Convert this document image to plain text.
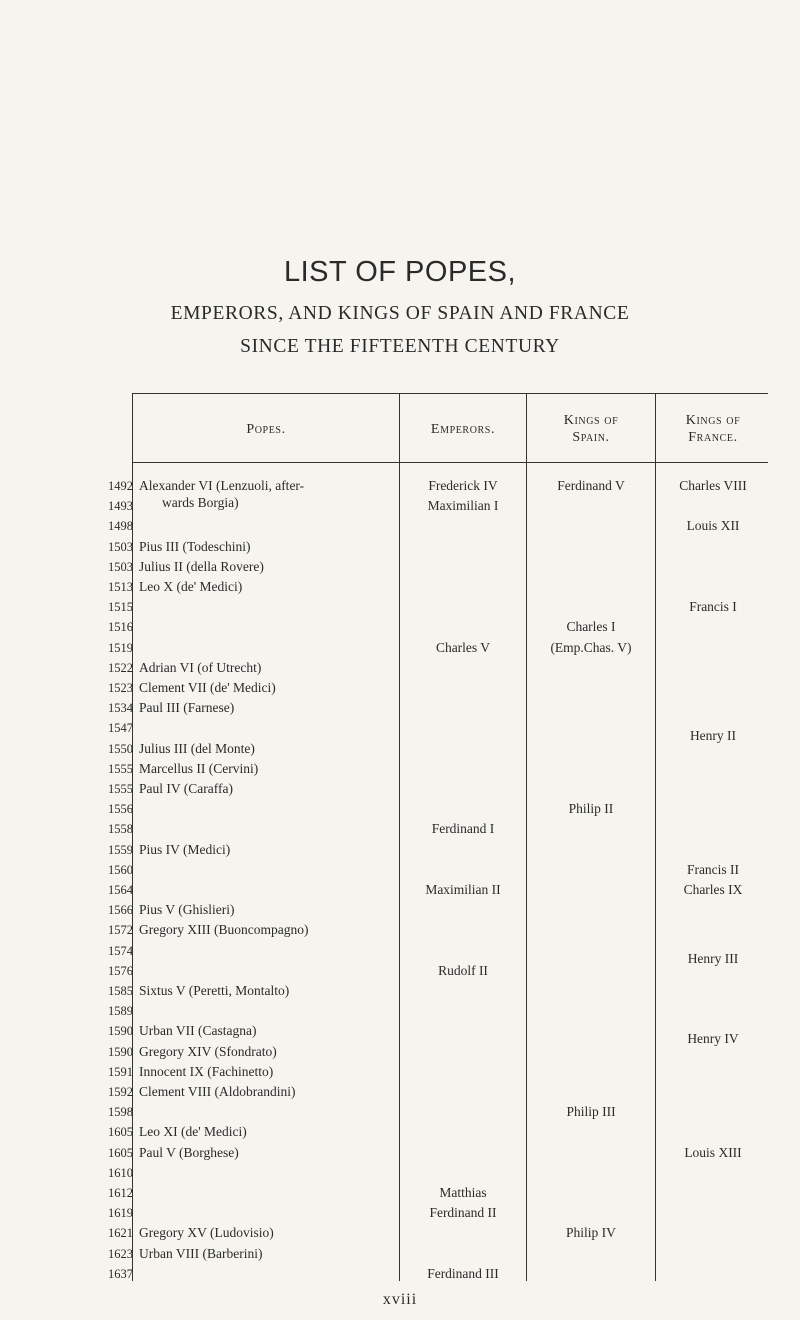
LIST OF POPES,
EMPERORS, AND KINGS OF SPAIN AND FRANCE
SINCE THE FIFTEENTH CENTURY
Popes.	Emperors.
Kings of
Spain.
Kings of
France.
1492
1493
1498
1503
1503
1513
1515
1516
1519
1522
1523
1534
1547
1550
1555
1555
1556
1558
1559
1560
1564
1566
1572
1574
1576
1585
1589
1590
1590
1591
1592
1598
1605
1605
1610
1612
1619
1621
1623
1637
Alexander VI (Lenzuoli, after-
wards Borgia)
Pius III (Todeschini)
Julius II (della Rovere)
Leo X (de' Medici)
Adrian VI (of Utrecht)
Clement VII (de' Medici)
Paul III (Farnese)
Julius III (del Monte)
Marcellus II (Cervini)
Paul IV (Caraffa)
Pius IV (Medici)
Pius V (Ghislieri)
Gregory XIII (Buoncompagno)
Sixtus V (Peretti, Montalto)
Urban VII (Castagna)
Gregory XIV (Sfondrato)
Innocent IX (Fachinetto)
Clement VIII (Aldobrandini)
Leo XI (de' Medici)
Paul V (Borghese)
Gregory XV (Ludovisio)
Urban VIII (Barberini)
Frederick IV
Maximilian I
Charles V
Ferdinand I
Maximilian II
Rudolf II
Matthias
Ferdinand II
Ferdinand III
Ferdinand V
Charles I
(Emp.Chas. V)
Philip II
Philip III
Philip IV
Charles VIII
Louis XII
Francis I
Henry II
Francis II
Charles IX
Henry III
Henry IV
Louis XIII
xviii
